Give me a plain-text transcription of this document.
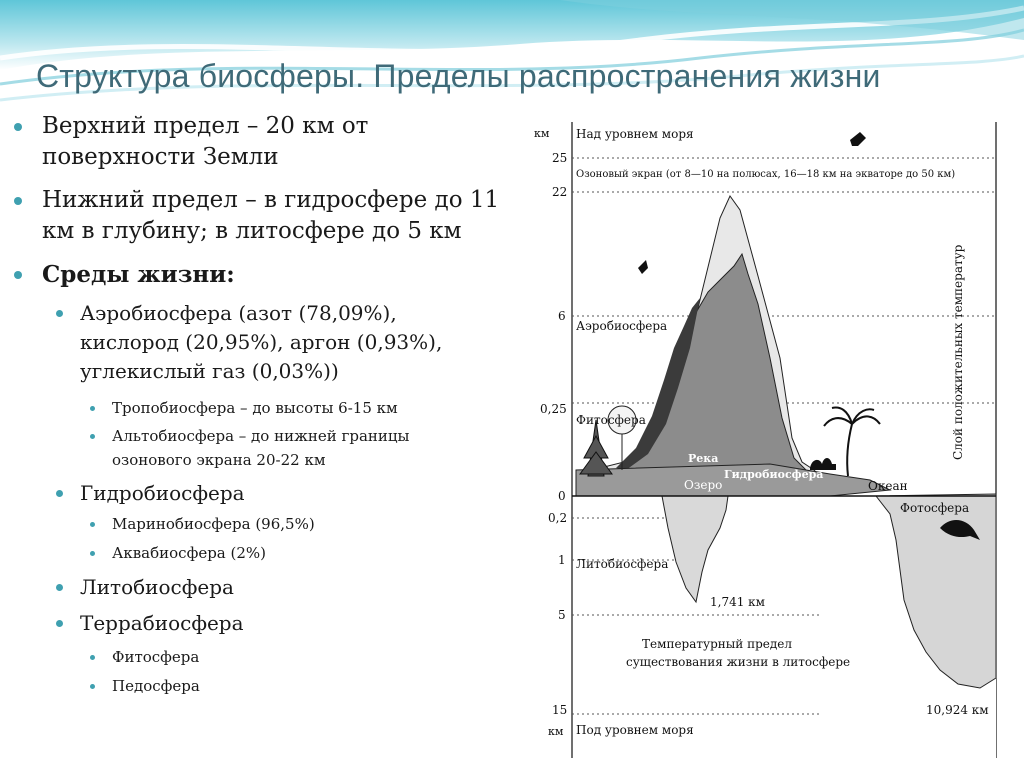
Структура биосферы. Пределы распространения жизни
Верхний предел – 20 км от
поверхности Земли
Нижний предел – в гидросфере до 11
км в глубину; в литосфере до 5 км
Среды жизни:
Аэробиосфера (азот (78,09%),
кислород (20,95%), аргон (0,93%),
углекислый газ (0,03%))
Тропобиосфера – до высоты 6-15 км
Альтобиосфера – до нижней границы
озонового экрана 20-22 км
Гидробиосфера
Маринобиосфера (96,5%)
Аквабиосфера (2%)
Литобиосфера
Террабиосфера
Фитосфера
Педосфера
км
25
22
6
0,25
0
0,2
1
5
15
км
Над уровнем моря
Озоновый экран (от 8—10 на полюсах, 16—18 км на экваторе до 50 км)
Аэробиосфера
Фитосфера
Река
Гидробиосфера
Озеро	Океан
Фотосфера
Литобиосфера
1,741 км
Температурный предел
существования жизни в литосфере
10,924 км
Под уровнем моря
Слой положительных температур
